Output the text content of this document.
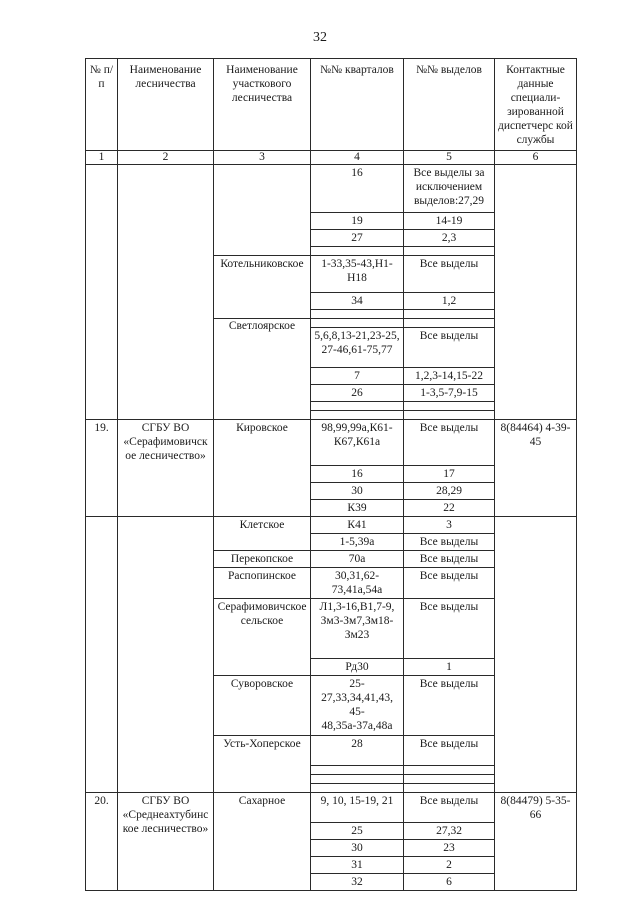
32
№ п/п	Наименование лесничества	Наименование участкового лесничества	№№ кварталов	№№ выделов	Контактные данные специали-зированной диспетчерс кой службы
1	2	3	4	5	6
			16	Все выделы за исключением выделов:27,29	
			19	14-19	
			27	2,3	

		Котельниковское	1-33,35-43,Н1-Н18	Все выделы	
			34	1,2	

		Светлоярское			
			5,6,8,13-21,23-25, 27-46,61-75,77	Все выделы	
			7	1,2,3-14,15-22	
			26	1-3,5-7,9-15	

19.	СГБУ ВО «Серафимовичское лесничество»	Кировское	98,99,99а,К61-К67,К61а	Все выделы	8(84464) 4-39-45
			16	17	
			30	28,29	
			К39	22	
		Клетское	К41	3	
			1-5,39а	Все выделы	
		Перекопское	70а	Все выделы	
		Распопинское	30,31,62-73,41а,54а	Все выделы	
		Серафимовичское сельское	Л1,3-16,В1,7-9, Зм3-Зм7,Зм18-Зм23	Все выделы	
			Рд30	1	
		Суворовское	25-27,33,34,41,43, 45-48,35а-37а,48а	Все выделы	
		Усть-Хоперское	28	Все выделы	

20.	СГБУ ВО «Среднеахтубинское лесничество»	Сахарное	9, 10, 15-19, 21	Все выделы	8(84479) 5-35-66
			25	27,32	
			30	23	
			31	2	
			32	6	
